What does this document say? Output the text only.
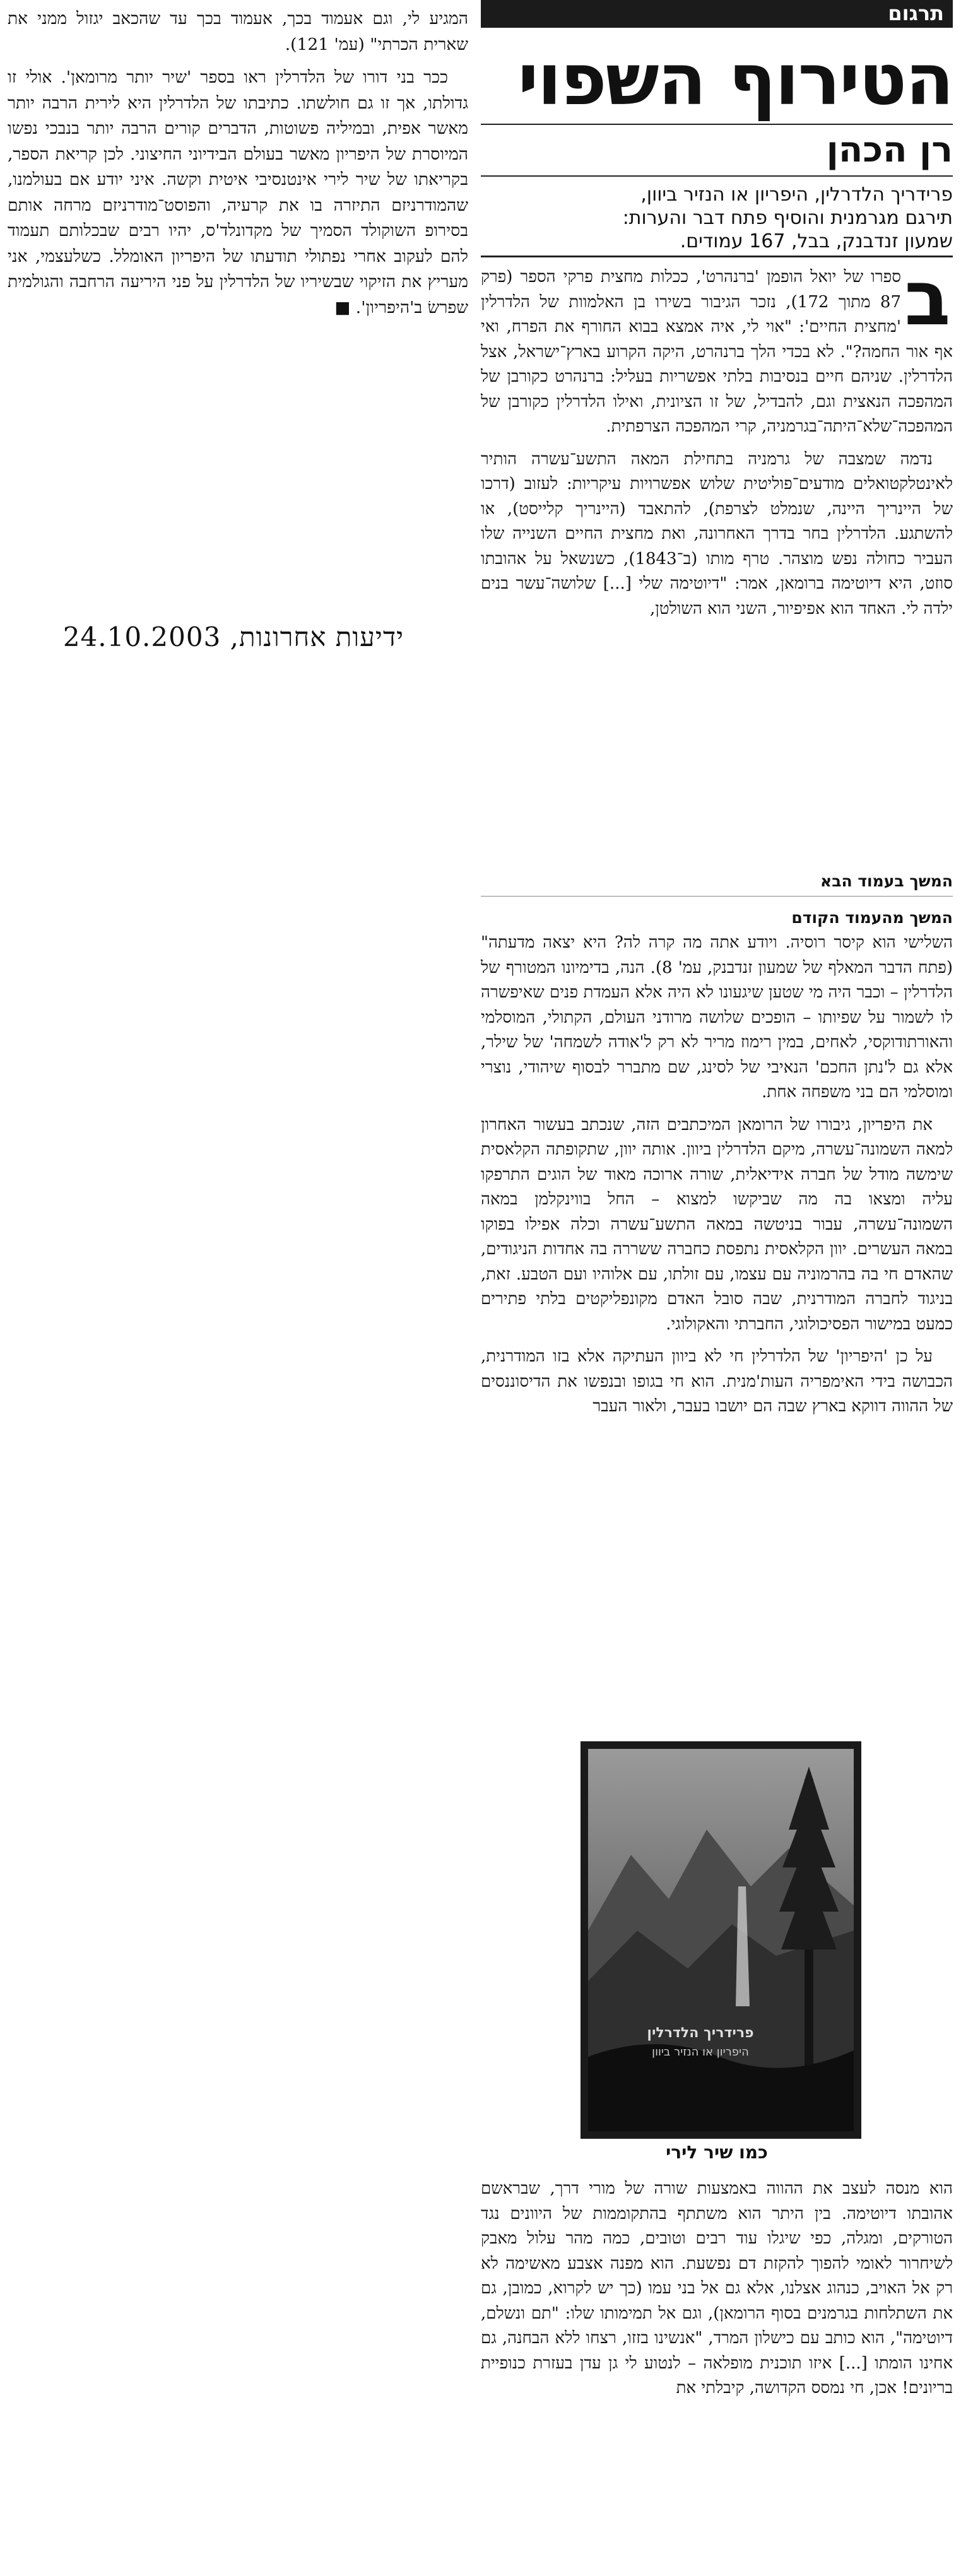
המגיע לי, וגם אעמוד בכך, אעמוד בכך עד שהכאב יגזול ממני את שארית הכרתי" (עמ' 121).

ככר בני דורו של הלדרלין ראו בספר 'שיר יותר מרומאן'. אולי זו גדולתו, אך זו גם חולשתו. כתיבתו של הלדרלין היא לירית הרבה יותר מאשר אפית, ובמיליה פשוטות, הדברים קורים הרבה יותר בנבכי נפשו המיוסרת של היפריון מאשר בעולם הבידיוני החיצוני. לכן קריאת הספר, בקריאתו של שיר לירי אינטנסיבי איטית וקשה. איני יודע אם בעולמנו, שהמודרניזם התיזרה בו את קרעיה, והפוסט־מודרניזם מרחה אותם בסירופ השוקולד הסמיך של מקדונלד'ס, יהיו רבים שבכלותם תעמוד להם לעקוב אחרי נפתולי תודעתו של היפריון האומלל. כשלעצמי, אני מעריץ את הזיקוי שבשיריו של הלדרלין על פני היריעה הרחבה והגולמית שפרשׂ ב'היפריון'. ■

ידיעות אחרונות, 24.10.2003
תרגום
הטירוף השפוי
רן הכהן
פרידריך הלדרלין, היפריון או הנזיר ביוון,
תירגם מגרמנית והוסיף פתח דבר והערות:
שמעון זנדבנק, בבל, 167 עמודים.
ב

ספרו של יואל הופמן 'ברנהרט', ככלות מחצית פרקי הספר (פרק 87 מתוך 172), נזכר הגיבור בשירו בן האלמוות של הלדרלין 'מחצית החיים': "אוי לי, איה אמצא בבוא החורף את הפרח, ואי אף אור החמה?". לא בכדי הלך ברנהרט, היקה הקרוע בארץ־ישראל, אצל הלדרלין. שניהם חיים בנסיבות בלתי אפשריות בעליל: ברנהרט כקורבן של המהפכה הנאצית וגם, להבדיל, של זו הציונית, ואילו הלדרלין כקורבן של המהפכה־שלא־היתה־בגרמניה, קרי המהפכה הצרפתית.

נדמה שמצבה של גרמניה בתחילת המאה התשע־עשרה הותיר לאינטלקטואלים מודעים־פוליטית שלוש אפשרויות עיקריות: לעזוב (דרכו של היינריך היינה, שנמלט לצרפת), להתאבד (היינריך קלייסט), או להשתגע. הלדרלין בחר בדרך האחרונה, ואת מחצית החיים השנייה שלו העביר כחולה נפש מוצהר. טרף מותו (ב־1843), כשנשאל על אהובתו סוזט, היא דיוטימה ברומאן, אמר: "דיוטימה שלי [...] שלושה־עשר בנים ילדה לי. האחד הוא אפיפיור, השני הוא השולטן,

המשך בעמוד הבא
המשך מהעמוד הקודם

השלישי הוא קיסר רוסיה. ויודע אתה מה קרה לה? היא יצאה מדעתה" (פתח הדבר המאלף של שמעון זנדבנק, עמ' 8). הנה, בדימיונו המטורף של הלדרלין – וכבר היה מי שטען שיגעונו לא היה אלא העמדת פנים שאיפשרה לו לשמור על שפיותו – הופכים שלושה מרודני העולם, הקתולי, המוסלמי והאורתודוקסי, לאחים, במין רימוז מריר לא רק ל'אודה לשמחה' של שילר, אלא גם ל'נתן החכם' הנאיבי של לסינג, שם מתברר לבסוף שיהודי, נוצרי ומוסלמי הם בני משפחה אחת.

את היפריון, גיבורו של הרומאן המיכתבים הזה, שנכתב בעשור האחרון למאה השמונה־עשרה, מיקם הלדרלין ביוון. אותה יוון, שתקופתה הקלאסית שימשה מודל של חברה אידיאלית, שורה ארוכה מאוד של הוגים התרפקו עליה ומצאו בה מה שביקשו למצוא – החל בווינקלמן במאה השמונה־עשרה, עבור בניטשה במאה התשע־עשרה וכלה אפילו בפוקו במאה העשרים. יוון הקלאסית נתפסת כחברה ששררה בה אחדות הניגודים, שהאדם חי בה בהרמוניה עם עצמו, עם זולתו, עם אלוהיו ועם הטבע. זאת, בניגוד לחברה המודרנית, שבה סובל האדם מקונפליקטים בלתי פתירים כמעט במישור הפסיכולוגי, החברתי והאקולוגי.

על כן 'היפריון' של הלדרלין חי לא ביוון העתיקה אלא בזו המודרנית, הכבושה בידי האימפריה העות'מנית. הוא חי בגופו ובנפשו את הדיסוננסים של ההווה דווקא בארץ שבה הם יושבו בעבר, ולאור העבר

פרידריך הלדרלין
היפריון או הנזיר ביוון
כמו שיר לירי

הוא מנסה לעצב את ההווה באמצעות שורה של מורי דרך, שבראשם אהובתו דיוטימה. בין היתר הוא משתתף בהתקוממות של היוונים נגד הטורקים, ומגלה, כפי שיגלו עוד רבים וטובים, כמה מהר עלול מאבק לשיחרור לאומי להפוך להקזת דם נפשעת. הוא מפנה אצבע מאשימה לא רק אל האויב, כנהוג אצלנו, אלא גם אל בני עמו (כך יש לקרוא, כמובן, גם את השתלחות בגרמנים בסוף הרומאן), וגם אל תמימותו שלו: "תם ונשלם, דיוטימה", הוא כותב עם כישלון המרד, "אנשינו בזזו, רצחו ללא הבחנה, גם אחינו הומתו [...] איזו תוכנית מופלאה – לנטוע לי גן עדן בעזרת כנופיית בריונים! אכן, חי נמסס הקדושה, קיבלתי את
